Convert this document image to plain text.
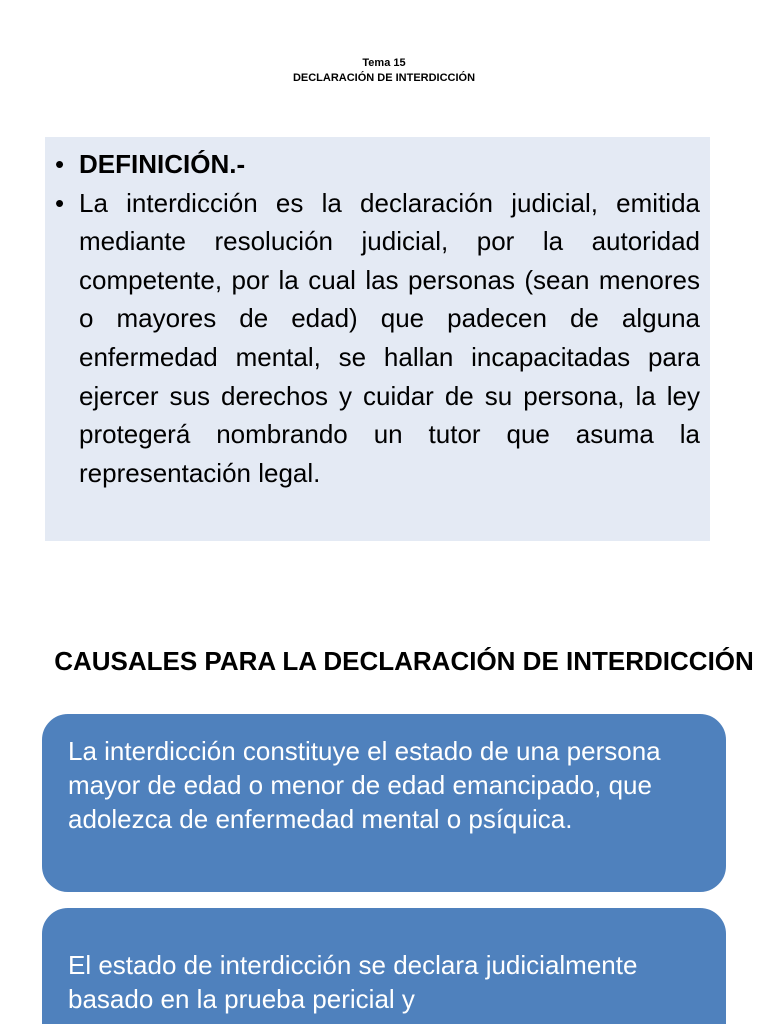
Tema 15
DECLARACIÓN DE INTERDICCIÓN
• DEFINICIÓN.-
• La interdicción es la declaración judicial, emitida mediante resolución judicial, por la autoridad competente, por la cual las personas (sean menores o mayores de edad) que padecen de alguna enfermedad mental, se hallan incapacitadas para ejercer sus derechos y cuidar de su persona, la ley protegerá nombrando un tutor que asuma la representación legal.
CAUSALES PARA LA DECLARACIÓN DE INTERDICCIÓN
La interdicción constituye el estado de una persona mayor de edad o menor de edad emancipado, que adolezca de enfermedad mental o psíquica.
El estado de interdicción se declara judicialmente basado en la prueba pericial y
